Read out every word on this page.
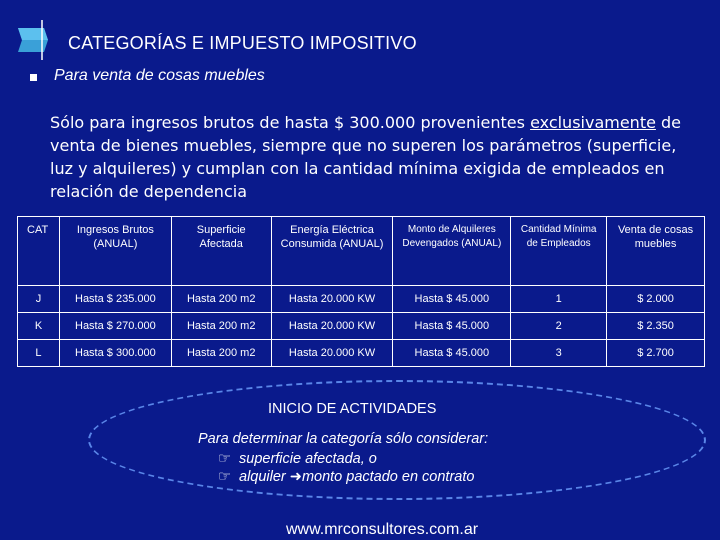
CATEGORÍAS E IMPUESTO IMPOSITIVO
Para venta de cosas muebles
Sólo para ingresos brutos de hasta $ 300.000 provenientes exclusivamente de venta de bienes muebles, siempre que no superen los parámetros (superficie, luz y alquileres) y cumplan con la cantidad mínima exigida de empleados en relación de dependencia
CAT	Ingresos Brutos (ANUAL)	Superficie Afectada	Energía Eléctrica Consumida (ANUAL)	Monto de Alquileres Devengados (ANUAL)	Cantidad Mínima de Empleados	Venta de cosas muebles
J	Hasta $ 235.000	Hasta 200 m2	Hasta 20.000 KW	Hasta $ 45.000	1	$ 2.000
K	Hasta $ 270.000	Hasta 200 m2	Hasta 20.000 KW	Hasta $ 45.000	2	$ 2.350
L	Hasta $ 300.000	Hasta 200 m2	Hasta 20.000 KW	Hasta $ 45.000	3	$ 2.700
INICIO DE ACTIVIDADES
Para determinar la categoría sólo considerar:
☞ superficie afectada, o
☞ alquiler ➜monto pactado en contrato
www.mrconsultores.com.ar
